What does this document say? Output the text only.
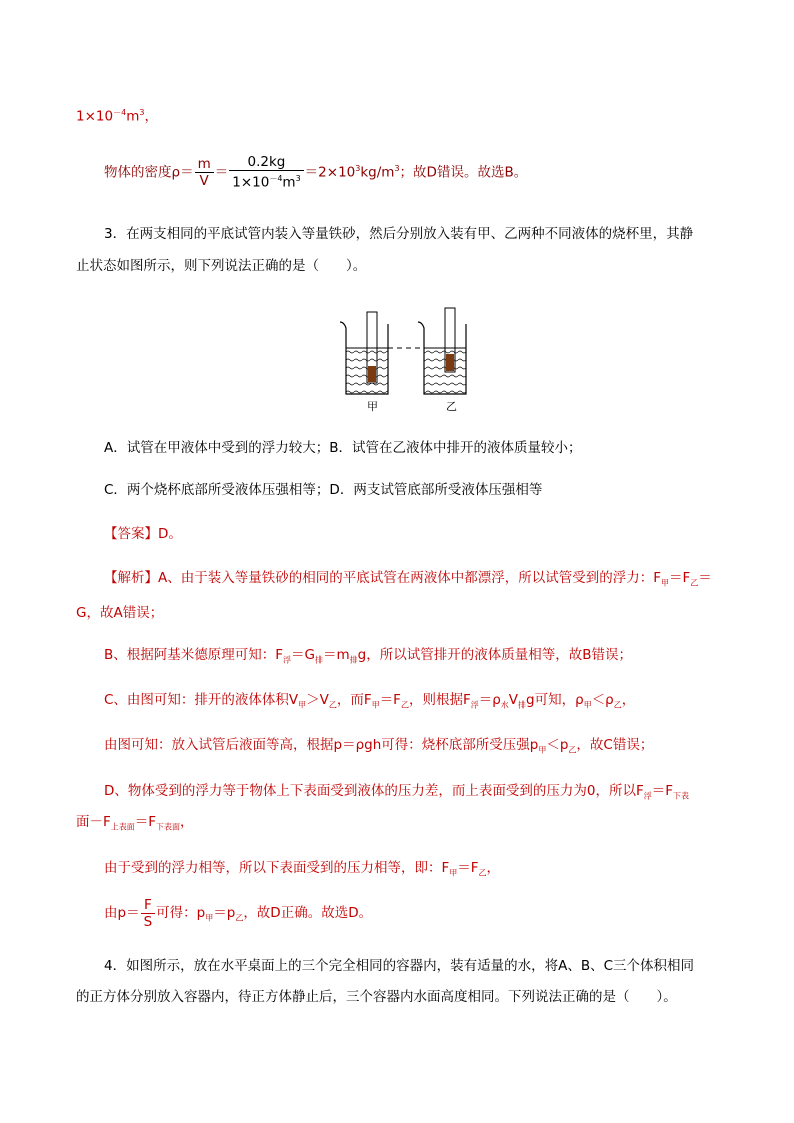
$1\times 10^{-4}m^3$，
物体的密度$\rho= \frac{m}{V} = \frac{0.2kg}{1\times 10^{-4}m^3} =2\times 10^3kg/m^3$；故D错误。故选B。
3．在两支相同的平底试管内装入等量铁砂，然后分别放入装有甲、乙两种不同液体的烧杯里，其静
止状态如图所示，则下列说法正确的是（　　）。
甲	乙
A．试管在甲液体中受到的浮力较大；B．试管在乙液体中排开的液体质量较小；
C．两个烧杯底部所受液体压强相等；D．两支试管底部所受液体压强相等
【答案】D。
【解析】A、由于装入等量铁砂的相同的平底试管在两液体中都漂浮，所以试管受到的浮力：$F_甲=F_乙=$
G，故A错误；
B、根据阿基米德原理可知：$F_浮=G_排=m_排g$，所以试管排开的液体质量相等，故B错误；
C、由图可知：排开的液体体积$V_甲>V_乙$，而$F_甲=F_乙$，则根据$F_浮=\rho_水V_排g$可知，$\rho_甲<\rho_乙$，
由图可知：放入试管后液面等高，根据p＝ρgh可得：烧杯底部所受压强$p_甲<p_乙$，故C错误；
D、物体受到的浮力等于物体上下表面受到液体的压力差，而上表面受到的压力为0，所以$F_浮=F_{下表}$
面$-F_{上表面}=F_{下表面}$，
由于受到的浮力相等，所以下表面受到的压力相等，即：$F_甲=F_乙$，
由$p= \frac{F}{S}$ 可得：$p_甲=p_乙$，故D正确。故选D。
4．如图所示，放在水平桌面上的三个完全相同的容器内，装有适量的水，将A、B、C三个体积相同
的正方体分别放入容器内，待正方体静止后，三个容器内水面高度相同。下列说法正确的是（　　）。
